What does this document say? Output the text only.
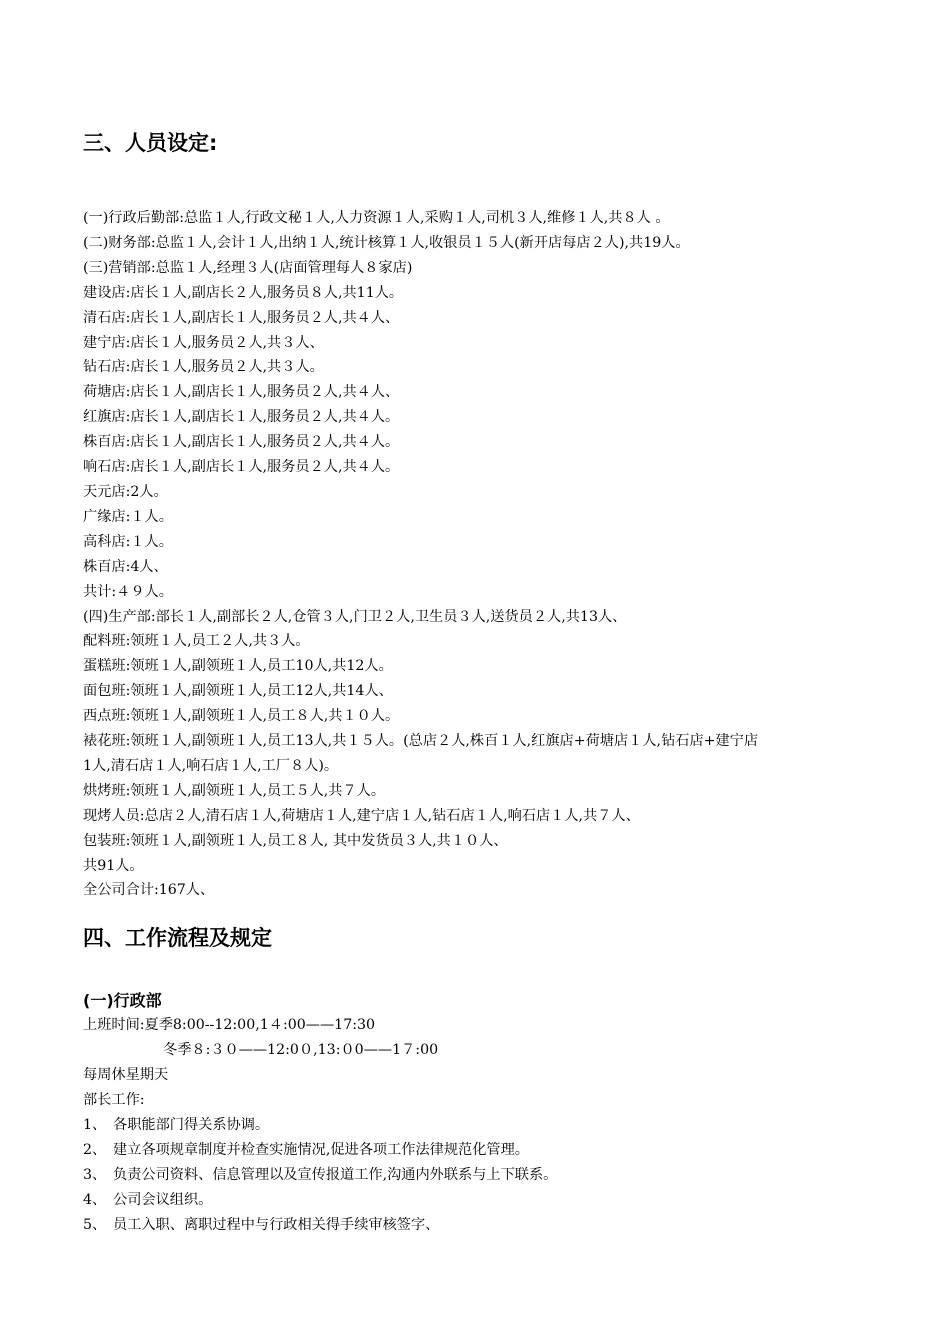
三、人员设定:

(一)行政后勤部:总监１人,行政文秘１人,人力资源１人,采购１人,司机３人,维修１人,共８人 。

(二)财务部:总监１人,会计１人,出纳１人,统计核算１人,收银员１５人(新开店每店２人),共19人。

(三)营销部:总监１人,经理３人(店面管理每人８家店)

建设店:店长１人,副店长２人,服务员８人,共11人。

清石店:店长１人,副店长１人,服务员２人,共４人、

建宁店:店长１人,服务员２人,共３人、

钻石店:店长１人,服务员２人,共３人。

荷塘店:店长１人,副店长１人,服务员２人,共４人、

红旗店:店长１人,副店长１人,服务员２人,共４人。

株百店:店长１人,副店长１人,服务员２人,共４人。

响石店:店长１人,副店长１人,服务员２人,共４人。

天元店:2人。

广缘店:１人。

高科店:１人。

株百店:4人、

共计:４９人。

(四)生产部:部长１人,副部长２人,仓管３人,门卫２人,卫生员３人,送货员２人,共13人、

配料班:领班１人,员工２人,共３人。

蛋糕班:领班１人,副领班１人,员工10人,共12人。

面包班:领班１人,副领班１人,员工12人,共14人、

西点班:领班１人,副领班１人,员工８人,共１０人。

裱花班:领班１人,副领班１人,员工13人,共１５人。(总店２人,株百１人,红旗店+荷塘店１人,钻石店+建宁店

1人,清石店１人,响石店１人,工厂８人)。

烘烤班:领班１人,副领班１人,员工５人,共７人。

现烤人员:总店２人,清石店１人,荷塘店１人,建宁店１人,钻石店１人,响石店１人,共７人、

包装班:领班１人,副领班１人,员工８人, 其中发货员３人,共１０人、

共91人。

全公司合计:167人、

四、工作流程及规定
(一)行政部

上班时间:夏季8:00--12:00,1４:00——17:30

冬季８:３０——12:0０,13:０0——1７:00

每周休星期天

部长工作:

1、 各职能部门得关系协调。
2、 建立各项规章制度并检查实施情况,促进各项工作法律规范化管理。
3、 负责公司资料、信息管理以及宣传报道工作,沟通内外联系与上下联系。
4、 公司会议组织。
5、 员工入职、离职过程中与行政相关得手续审核签字、
